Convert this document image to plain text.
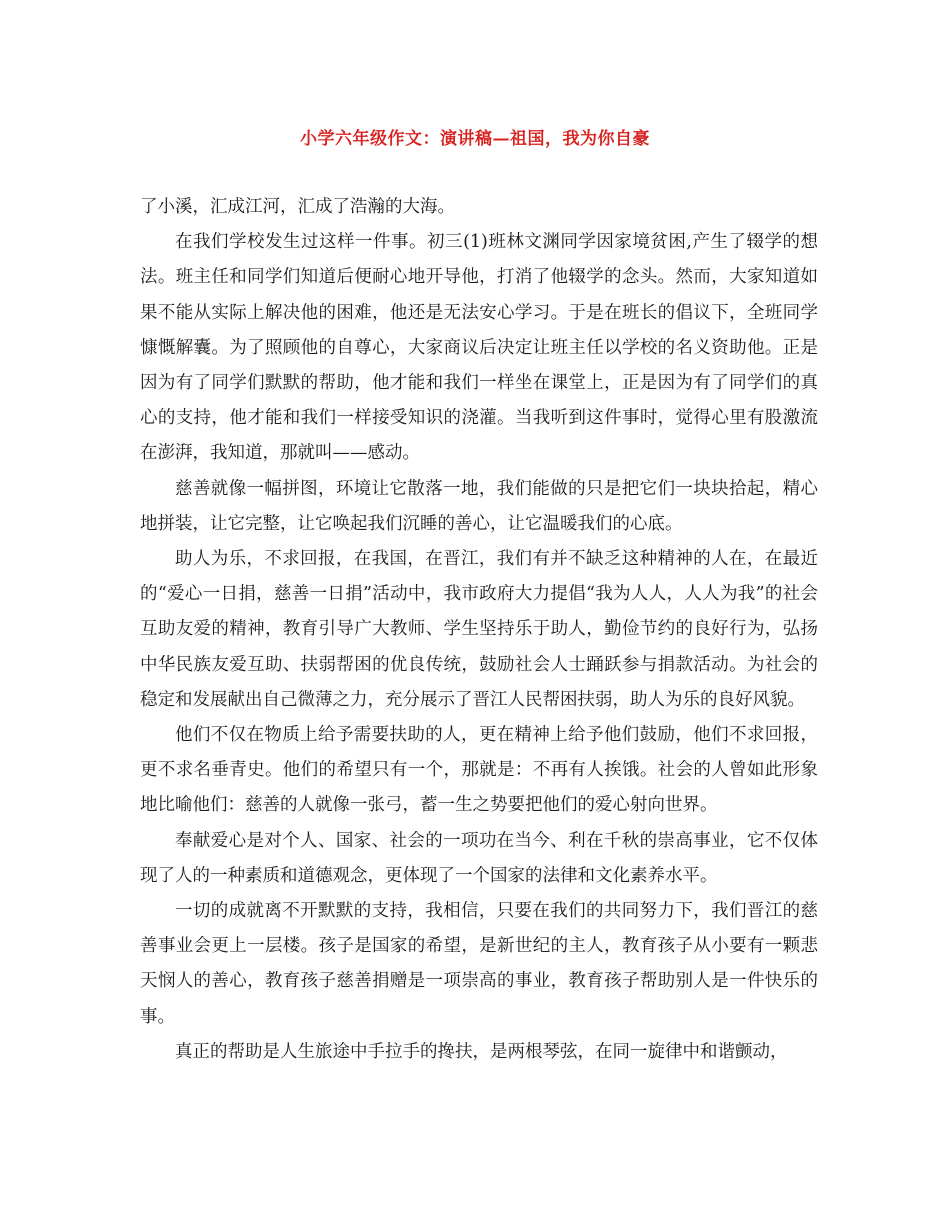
小学六年级作文：演讲稿—祖国，我为你自豪

了小溪，汇成江河，汇成了浩瀚的大海。

在我们学校发生过这样一件事。初三(1)班林文渊同学因家境贫困,产生了辍学的想法。班主任和同学们知道后便耐心地开导他，打消了他辍学的念头。然而，大家知道如果不能从实际上解决他的困难，他还是无法安心学习。于是在班长的倡议下，全班同学慷慨解囊。为了照顾他的自尊心，大家商议后决定让班主任以学校的名义资助他。正是因为有了同学们默默的帮助，他才能和我们一样坐在课堂上，正是因为有了同学们的真心的支持，他才能和我们一样接受知识的浇灌。当我听到这件事时，觉得心里有股激流在澎湃，我知道，那就叫——感动。

慈善就像一幅拼图，环境让它散落一地，我们能做的只是把它们一块块拾起，精心地拼装，让它完整，让它唤起我们沉睡的善心，让它温暖我们的心底。

助人为乐，不求回报，在我国，在晋江，我们有并不缺乏这种精神的人在，在最近的“爱心一日捐，慈善一日捐”活动中，我市政府大力提倡“我为人人，人人为我”的社会互助友爱的精神，教育引导广大教师、学生坚持乐于助人，勤俭节约的良好行为，弘扬中华民族友爱互助、扶弱帮困的优良传统，鼓励社会人士踊跃参与捐款活动。为社会的稳定和发展献出自己微薄之力，充分展示了晋江人民帮困扶弱，助人为乐的良好风貌。

他们不仅在物质上给予需要扶助的人，更在精神上给予他们鼓励，他们不求回报，更不求名垂青史。他们的希望只有一个，那就是：不再有人挨饿。社会的人曾如此形象地比喻他们：慈善的人就像一张弓，蓄一生之势要把他们的爱心射向世界。

奉献爱心是对个人、国家、社会的一项功在当今、利在千秋的崇高事业，它不仅体现了人的一种素质和道德观念，更体现了一个国家的法律和文化素养水平。

一切的成就离不开默默的支持，我相信，只要在我们的共同努力下，我们晋江的慈善事业会更上一层楼。孩子是国家的希望，是新世纪的主人，教育孩子从小要有一颗悲天悯人的善心，教育孩子慈善捐赠是一项崇高的事业，教育孩子帮助别人是一件快乐的事。

真正的帮助是人生旅途中手拉手的搀扶，是两根琴弦，在同一旋律中和谐颤动，
